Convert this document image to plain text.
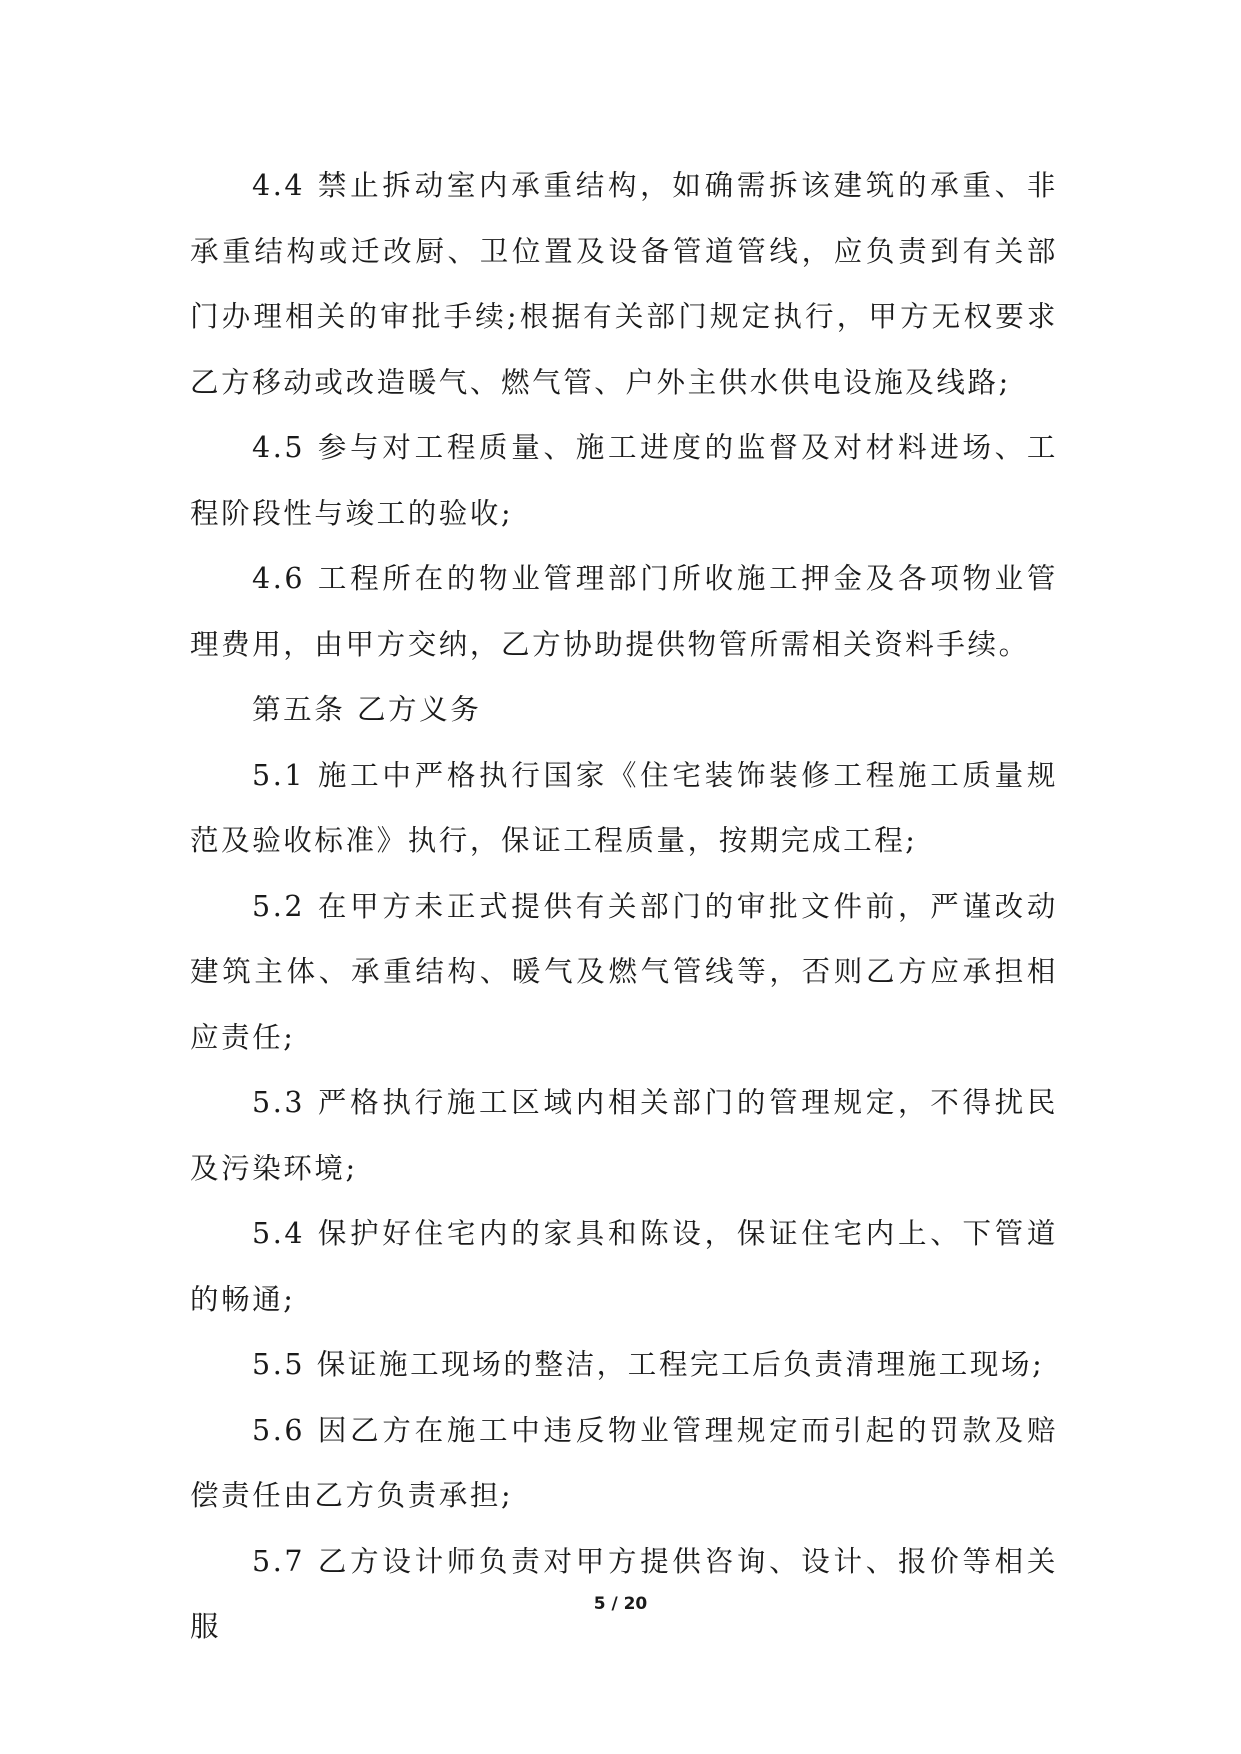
4.4 禁止拆动室内承重结构，如确需拆该建筑的承重、非承重结构或迁改厨、卫位置及设备管道管线，应负责到有关部门办理相关的审批手续;根据有关部门规定执行，甲方无权要求乙方移动或改造暖气、燃气管、户外主供水供电设施及线路;

4.5 参与对工程质量、施工进度的监督及对材料进场、工程阶段性与竣工的验收;

4.6 工程所在的物业管理部门所收施工押金及各项物业管理费用，由甲方交纳，乙方协助提供物管所需相关资料手续。

第五条 乙方义务

5.1 施工中严格执行国家《住宅装饰装修工程施工质量规范及验收标准》执行，保证工程质量，按期完成工程;

5.2 在甲方未正式提供有关部门的审批文件前，严谨改动建筑主体、承重结构、暖气及燃气管线等，否则乙方应承担相应责任;

5.3 严格执行施工区域内相关部门的管理规定，不得扰民及污染环境;

5.4 保护好住宅内的家具和陈设，保证住宅内上、下管道的畅通;

5.5 保证施工现场的整洁，工程完工后负责清理施工现场;

5.6 因乙方在施工中违反物业管理规定而引起的罚款及赔偿责任由乙方负责承担;

5.7 乙方设计师负责对甲方提供咨询、设计、报价等相关服

5 / 20
